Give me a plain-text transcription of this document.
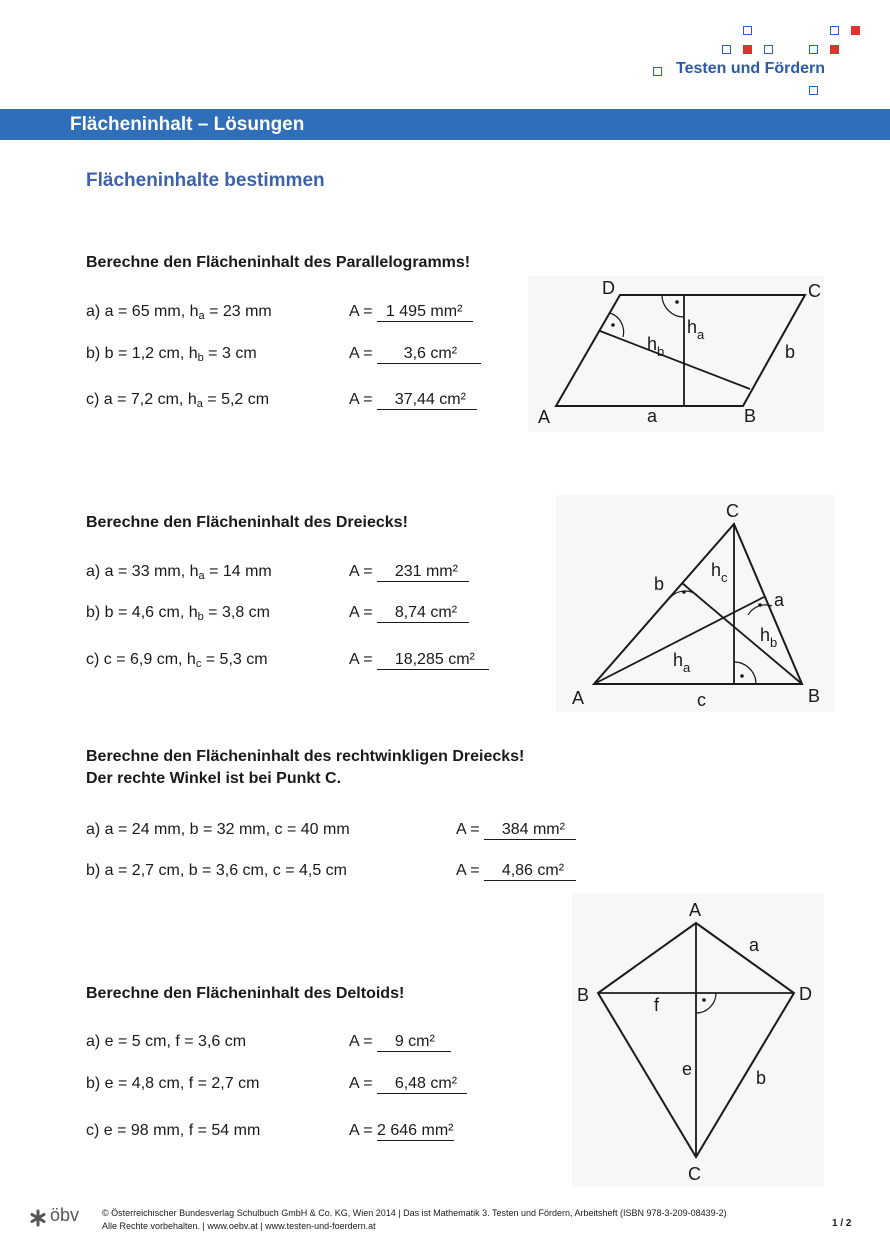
Testen und Fördern
Flächeninhalt – Lösungen
Flächeninhalte bestimmen
Berechne den Flächeninhalt des Parallelogramms!
a) a = 65 mm, $h_a = 23$ mm	A =   1 495 mm²
b) b = 1,2 cm, $h_b = 3$ cm	A =       3,6 cm²
c) a = 7,2 cm, $h_a = 5,2$ cm	A =     37,44 cm²
D	C
A	B
a
b
$h_a$
$h_b$
Berechne den Flächeninhalt des Dreiecks!
a) a = 33 mm, $h_a = 14$ mm	A =     231 mm²
b) b = 4,6 cm, $h_b = 3,8$ cm	A =     8,74 cm²
c) c = 6,9 cm, $h_c = 5,3$ cm	A =     18,285 cm²
C
A	B
c
b
a
$h_c$
$h_b$
$h_a$
Berechne den Flächeninhalt des rechtwinkligen Dreiecks!
Der rechte Winkel ist bei Punkt C.
a) a = 24 mm, b = 32 mm, c = 40 mm	A =     384 mm²
b) a = 2,7 cm, b = 3,6 cm, c = 4,5 cm	A =     4,86 cm²
Berechne den Flächeninhalt des Deltoids!
a) e = 5 cm, f = 3,6 cm	A =     9 cm²
b) e = 4,8 cm, f = 2,7 cm	A =     6,48 cm²
c) e = 98 mm, f = 54 mm	A = 2 646 mm²
A
B	D
C
a
b
e
f
öbv	© Österreichischer Bundesverlag Schulbuch GmbH & Co. KG, Wien 2014 | Das ist Mathematik 3. Testen und Fördern, Arbeitsheft (ISBN 978-3-209-08439-2)
Alle Rechte vorbehalten. | www.oebv.at | www.testen-und-foerdern.at	1 / 2
